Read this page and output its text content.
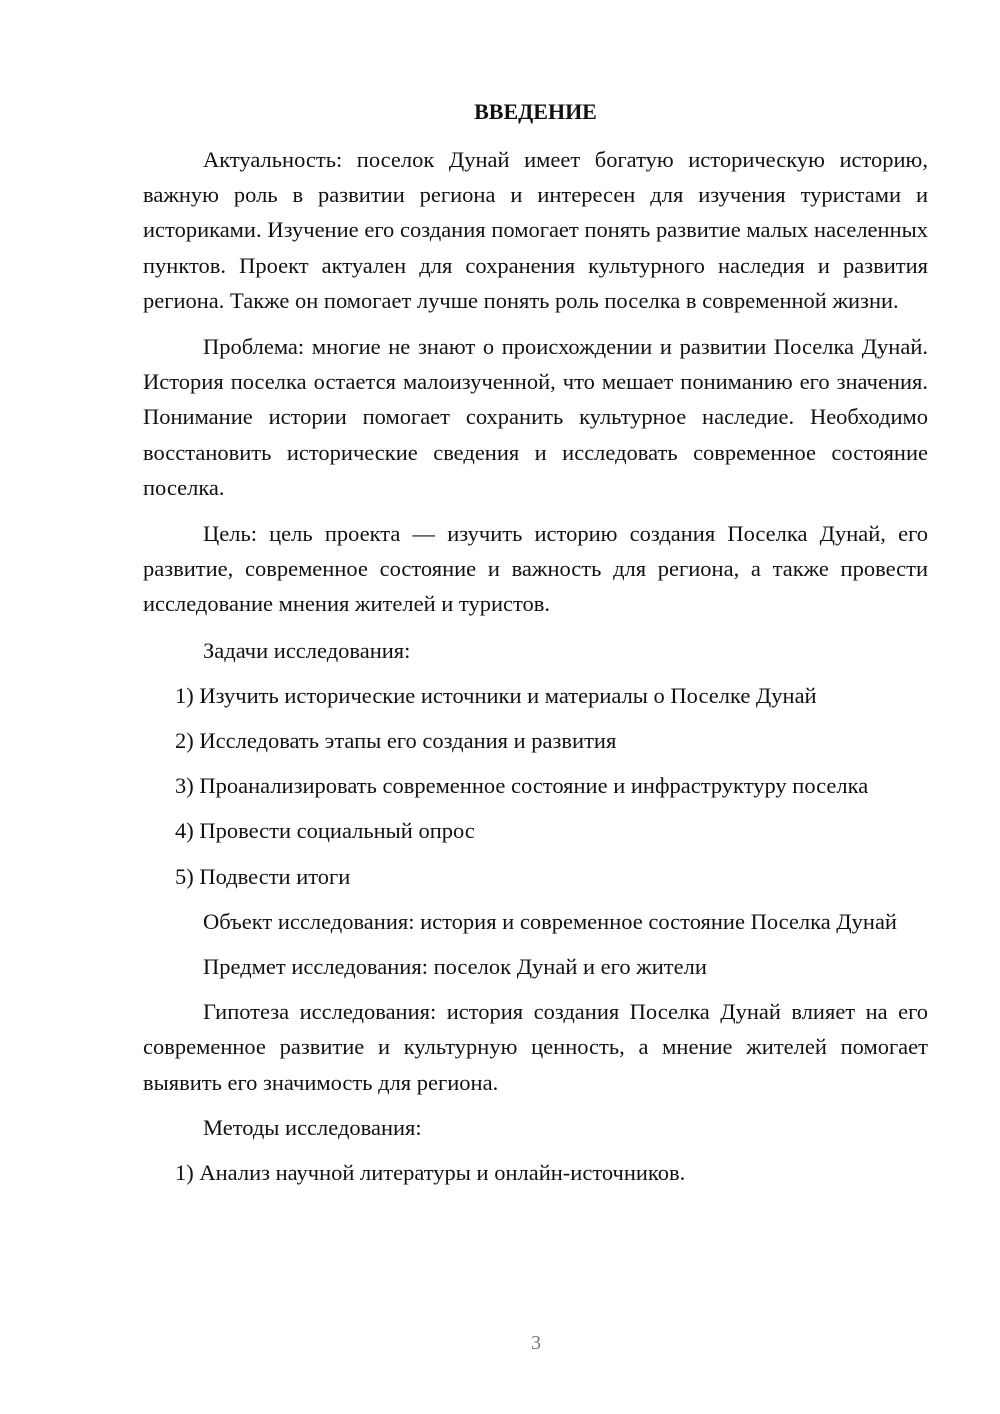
ВВЕДЕНИЕ

Актуальность: поселок Дунай имеет богатую историческую историю, важную роль в развитии региона и интересен для изучения туристами и историками. Изучение его создания помогает понять развитие малых населенных пунктов. Проект актуален для сохранения культурного наследия и развития региона. Также он помогает лучше понять роль поселка в современной жизни.

Проблема: многие не знают о происхождении и развитии Поселка Дунай. История поселка остается малоизученной, что мешает пониманию его значения. Понимание истории помогает сохранить культурное наследие. Необходимо восстановить исторические сведения и исследовать современное состояние поселка.

Цель: цель проекта — изучить историю создания Поселка Дунай, его развитие, современное состояние и важность для региона, а также провести исследование мнения жителей и туристов.

Задачи исследования:

1) Изучить исторические источники и материалы о Поселке Дунай

2) Исследовать этапы его создания и развития

3) Проанализировать современное состояние и инфраструктуру поселка

4) Провести социальный опрос

5) Подвести итоги

Объект исследования: история и современное состояние Поселка Дунай

Предмет исследования: поселок Дунай и его жители

Гипотеза исследования: история создания Поселка Дунай влияет на его современное развитие и культурную ценность, а мнение жителей помогает выявить его значимость для региона.

Методы исследования:

1) Анализ научной литературы и онлайн-источников.

3
